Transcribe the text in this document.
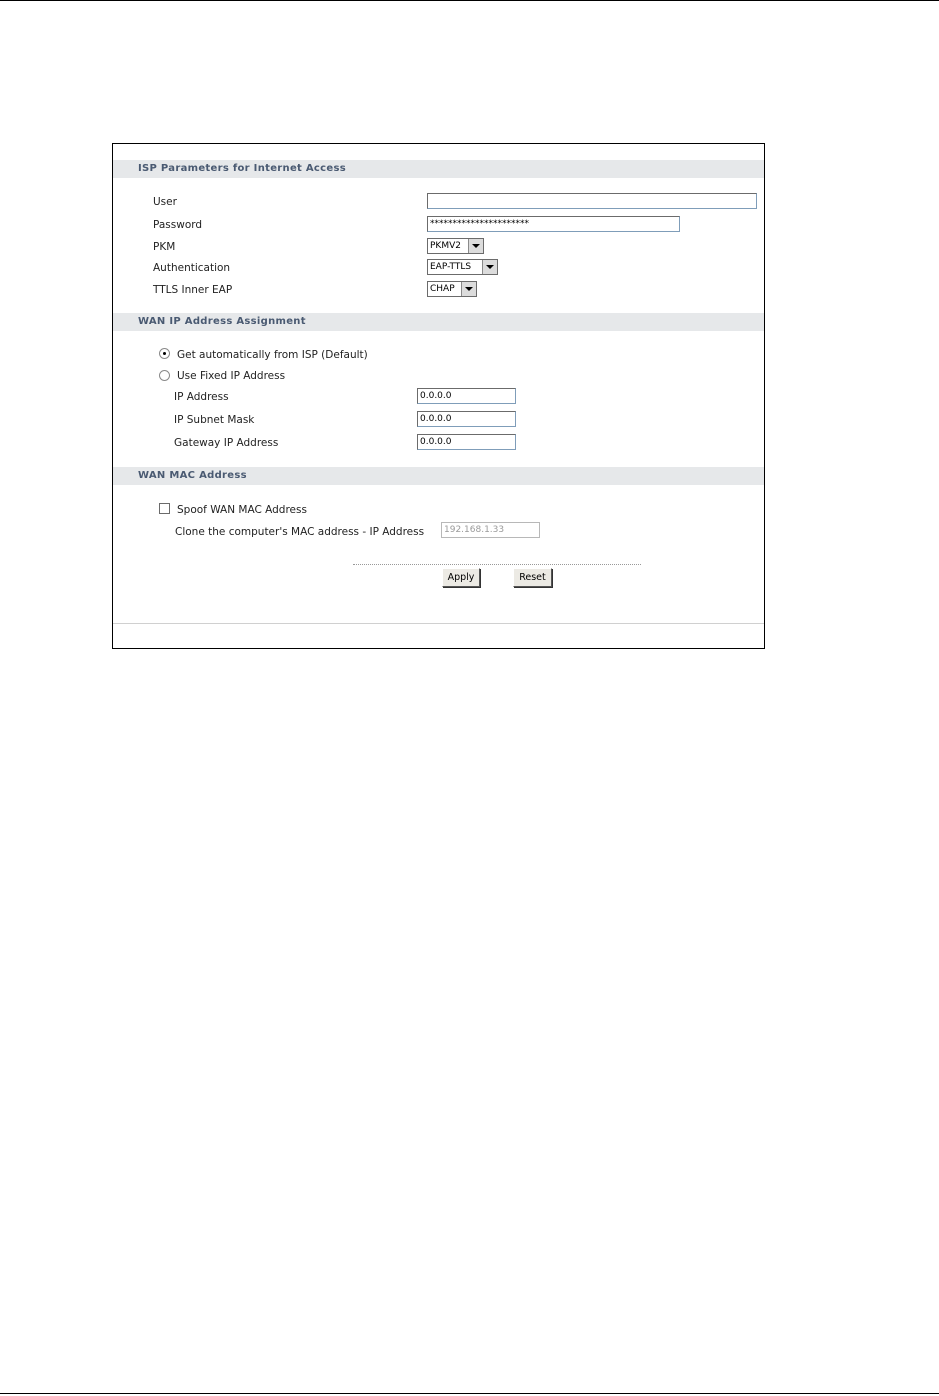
ISP Parameters for Internet Access
User
Password	**********************
PKM	PKMV2
Authentication	EAP-TTLS
TTLS Inner EAP	CHAP
WAN IP Address Assignment
Get automatically from ISP (Default)
Use Fixed IP Address
IP Address	0.0.0.0
IP Subnet Mask	0.0.0.0
Gateway IP Address	0.0.0.0
WAN MAC Address
Spoof WAN MAC Address
Clone the computer's MAC address - IP Address	192.168.1.33
Apply	Reset
